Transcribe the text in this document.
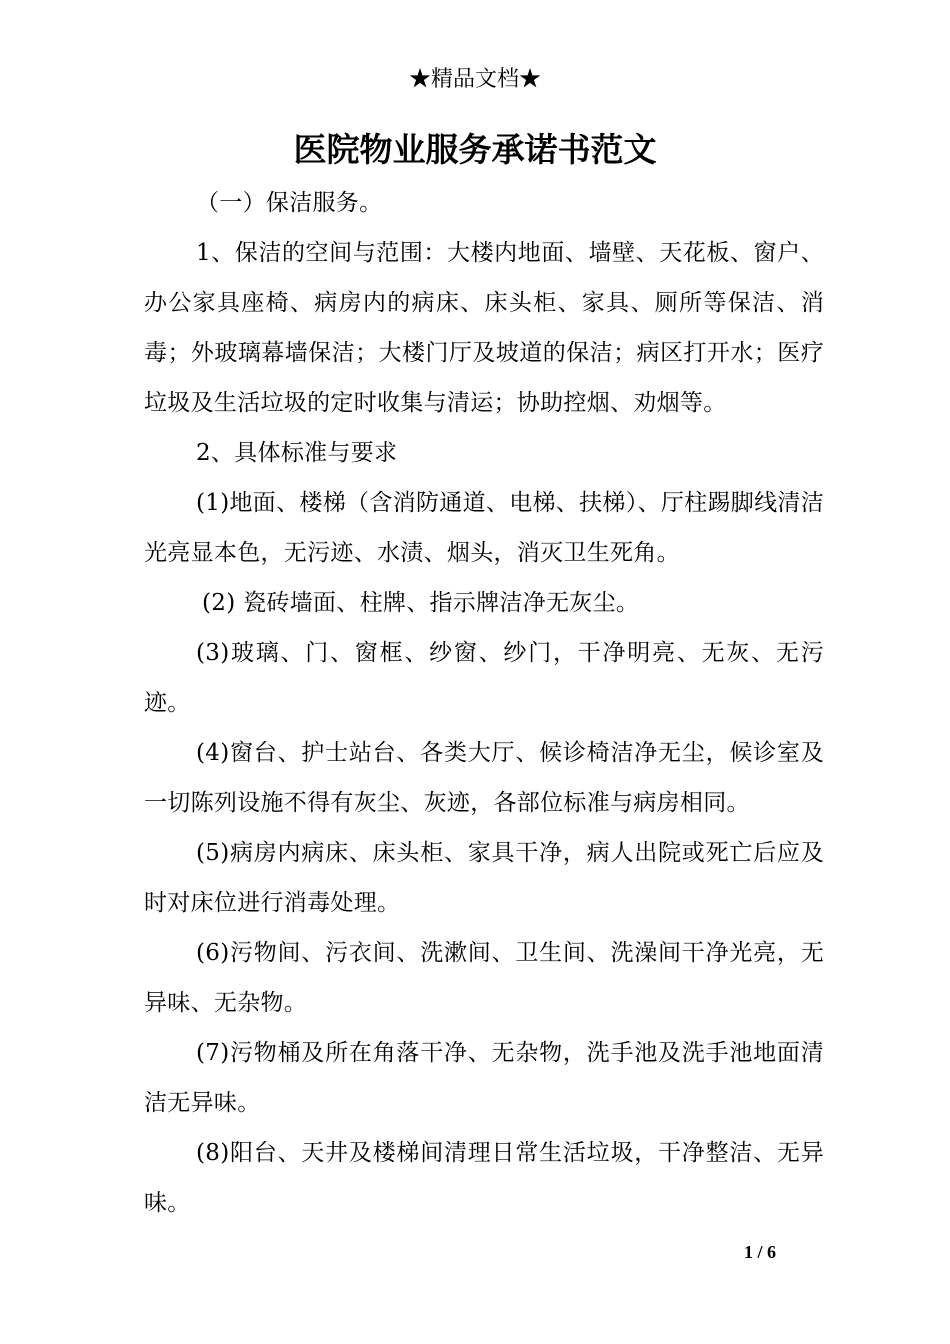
★精品文档★
医院物业服务承诺书范文

（一）保洁服务。

1、保洁的空间与范围：大楼内地面、墙壁、天花板、窗户、办公家具座椅、病房内的病床、床头柜、家具、厕所等保洁、消毒；外玻璃幕墙保洁；大楼门厅及坡道的保洁；病区打开水；医疗垃圾及生活垃圾的定时收集与清运；协助控烟、劝烟等。

2、具体标准与要求

(1)地面、楼梯（含消防通道、电梯、扶梯）、厅柱踢脚线清洁光亮显本色，无污迹、水渍、烟头，消灭卫生死角。

(2) 瓷砖墙面、柱牌、指示牌洁净无灰尘。

(3)玻璃、门、窗框、纱窗、纱门，干净明亮、无灰、无污迹。

(4)窗台、护士站台、各类大厅、候诊椅洁净无尘，候诊室及一切陈列设施不得有灰尘、灰迹，各部位标准与病房相同。

(5)病房内病床、床头柜、家具干净，病人出院或死亡后应及时对床位进行消毒处理。

(6)污物间、污衣间、洗漱间、卫生间、洗澡间干净光亮，无异味、无杂物。

(7)污物桶及所在角落干净、无杂物，洗手池及洗手池地面清洁无异味。

(8)阳台、天井及楼梯间清理日常生活垃圾，干净整洁、无异味。

1 / 6
